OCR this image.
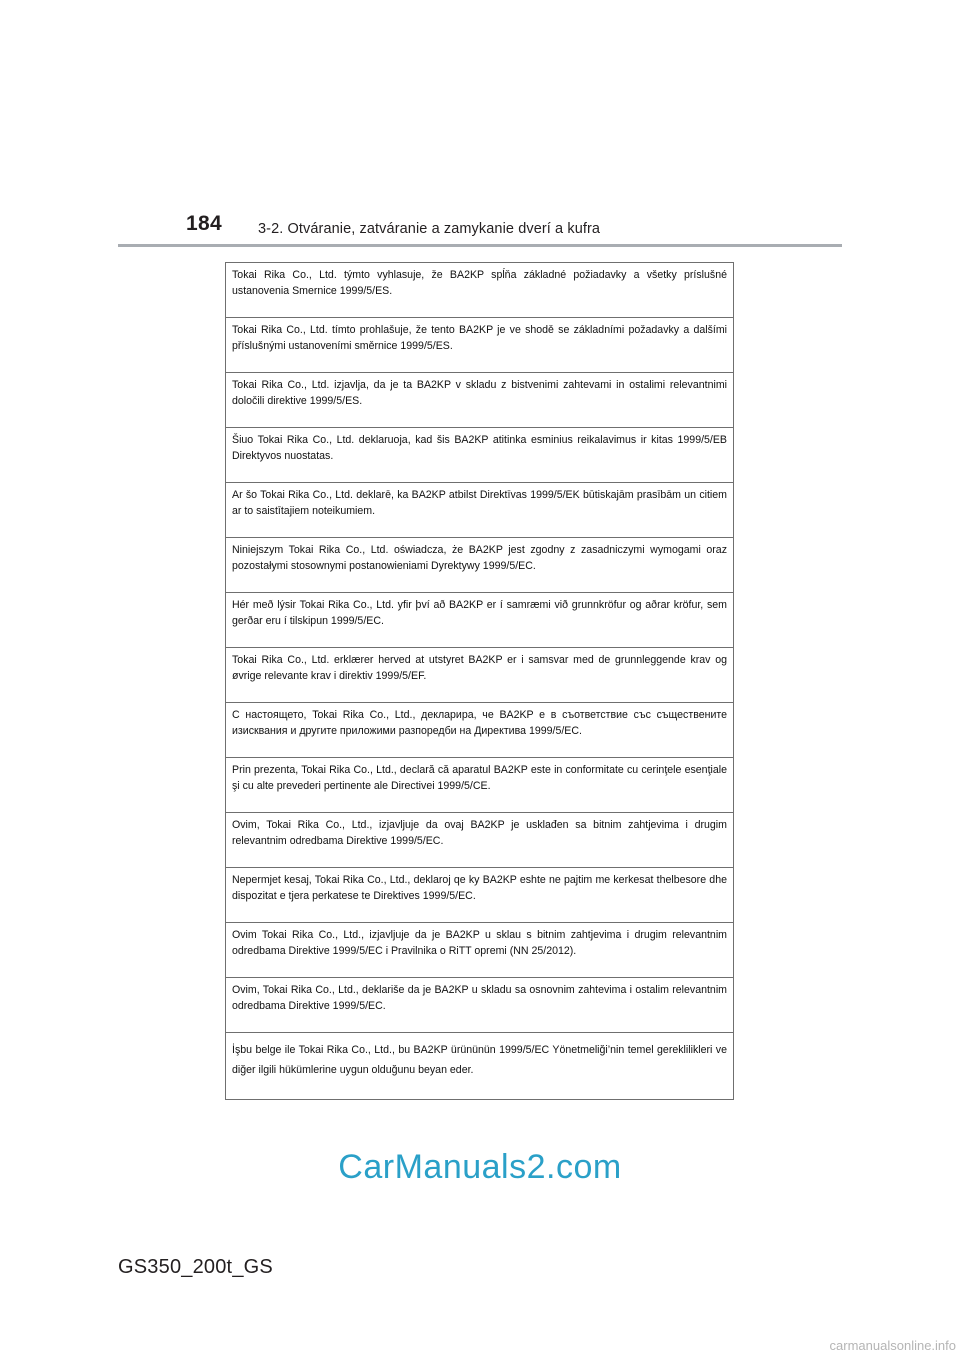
184 3-2. Otváranie, zatváranie a zamykanie dverí a kufra
Tokai Rika Co., Ltd. týmto vyhlasuje, že BA2KP spĺňa základné požiadavky a všetky príslušné ustanovenia Smernice 1999/5/ES.
Tokai Rika Co., Ltd. tímto prohlašuje, že tento BA2KP je ve shodě se základními požadavky a dalšími příslušnými ustanoveními směrnice 1999/5/ES.
Tokai Rika Co., Ltd. izjavlja, da je ta BA2KP v skladu z bistvenimi zahtevami in ostalimi relevantnimi določili direktive 1999/5/ES.
Šiuo Tokai Rika Co., Ltd. deklaruoja, kad šis BA2KP atitinka esminius reikalavimus ir kitas 1999/5/EB Direktyvos nuostatas.
Ar šo Tokai Rika Co., Ltd. deklarē, ka BA2KP atbilst Direktīvas 1999/5/EK būtiskajām prasībām un citiem ar to saistītajiem noteikumiem.
Niniejszym Tokai Rika Co., Ltd. oświadcza, że BA2KP jest zgodny z zasadniczymi wymogami oraz pozostałymi stosownymi postanowieniami Dyrektywy 1999/5/EC.
Hér með lýsir Tokai Rika Co., Ltd. yfir því að BA2KP er í samræmi við grunnkröfur og aðrar kröfur, sem gerðar eru í tilskipun 1999/5/EC.
Tokai Rika Co., Ltd. erklærer herved at utstyret BA2KP er i samsvar med de grunnleggende krav og øvrige relevante krav i direktiv 1999/5/EF.
С настоящето, Tokai Rika Co., Ltd., декларира, че BA2KP е в съответствие със съществените изисквания и другите приложими разпоредби на Директива 1999/5/EC.
Prin prezenta, Tokai Rika Co., Ltd., declară că aparatul BA2KP este in conformitate cu cerinţele esenţiale şi cu alte prevederi pertinente ale Directivei 1999/5/CE.
Ovim, Tokai Rika Co., Ltd., izjavljuje da ovaj BA2KP je usklađen sa bitnim zahtjevima i drugim relevantnim odredbama Direktive 1999/5/EC.
Nepermjet kesaj, Tokai Rika Co., Ltd., deklaroj qe ky BA2KP eshte ne pajtim me kerkesat thelbesore dhe dispozitat e tjera perkatese te Direktives 1999/5/EC.
Ovim Tokai Rika Co., Ltd., izjavljuje da je BA2KP u sklau s bitnim zahtjevima i drugim relevantnim odredbama Direktive 1999/5/EC i Pravilnika o RiTT opremi (NN 25/2012).
Ovim, Tokai Rika Co., Ltd., deklariše da je BA2KP u skladu sa osnovnim zahtevima i ostalim relevantnim odredbama Direktive 1999/5/EC.
İşbu belge ile Tokai Rika Co., Ltd., bu BA2KP ürününün 1999/5/EC Yönetmeliği’nin temel gereklilikleri ve diğer ilgili hükümlerine uygun olduğunu beyan eder.
CarManuals2.com
GS350_200t_GS
carmanualsonline.info
